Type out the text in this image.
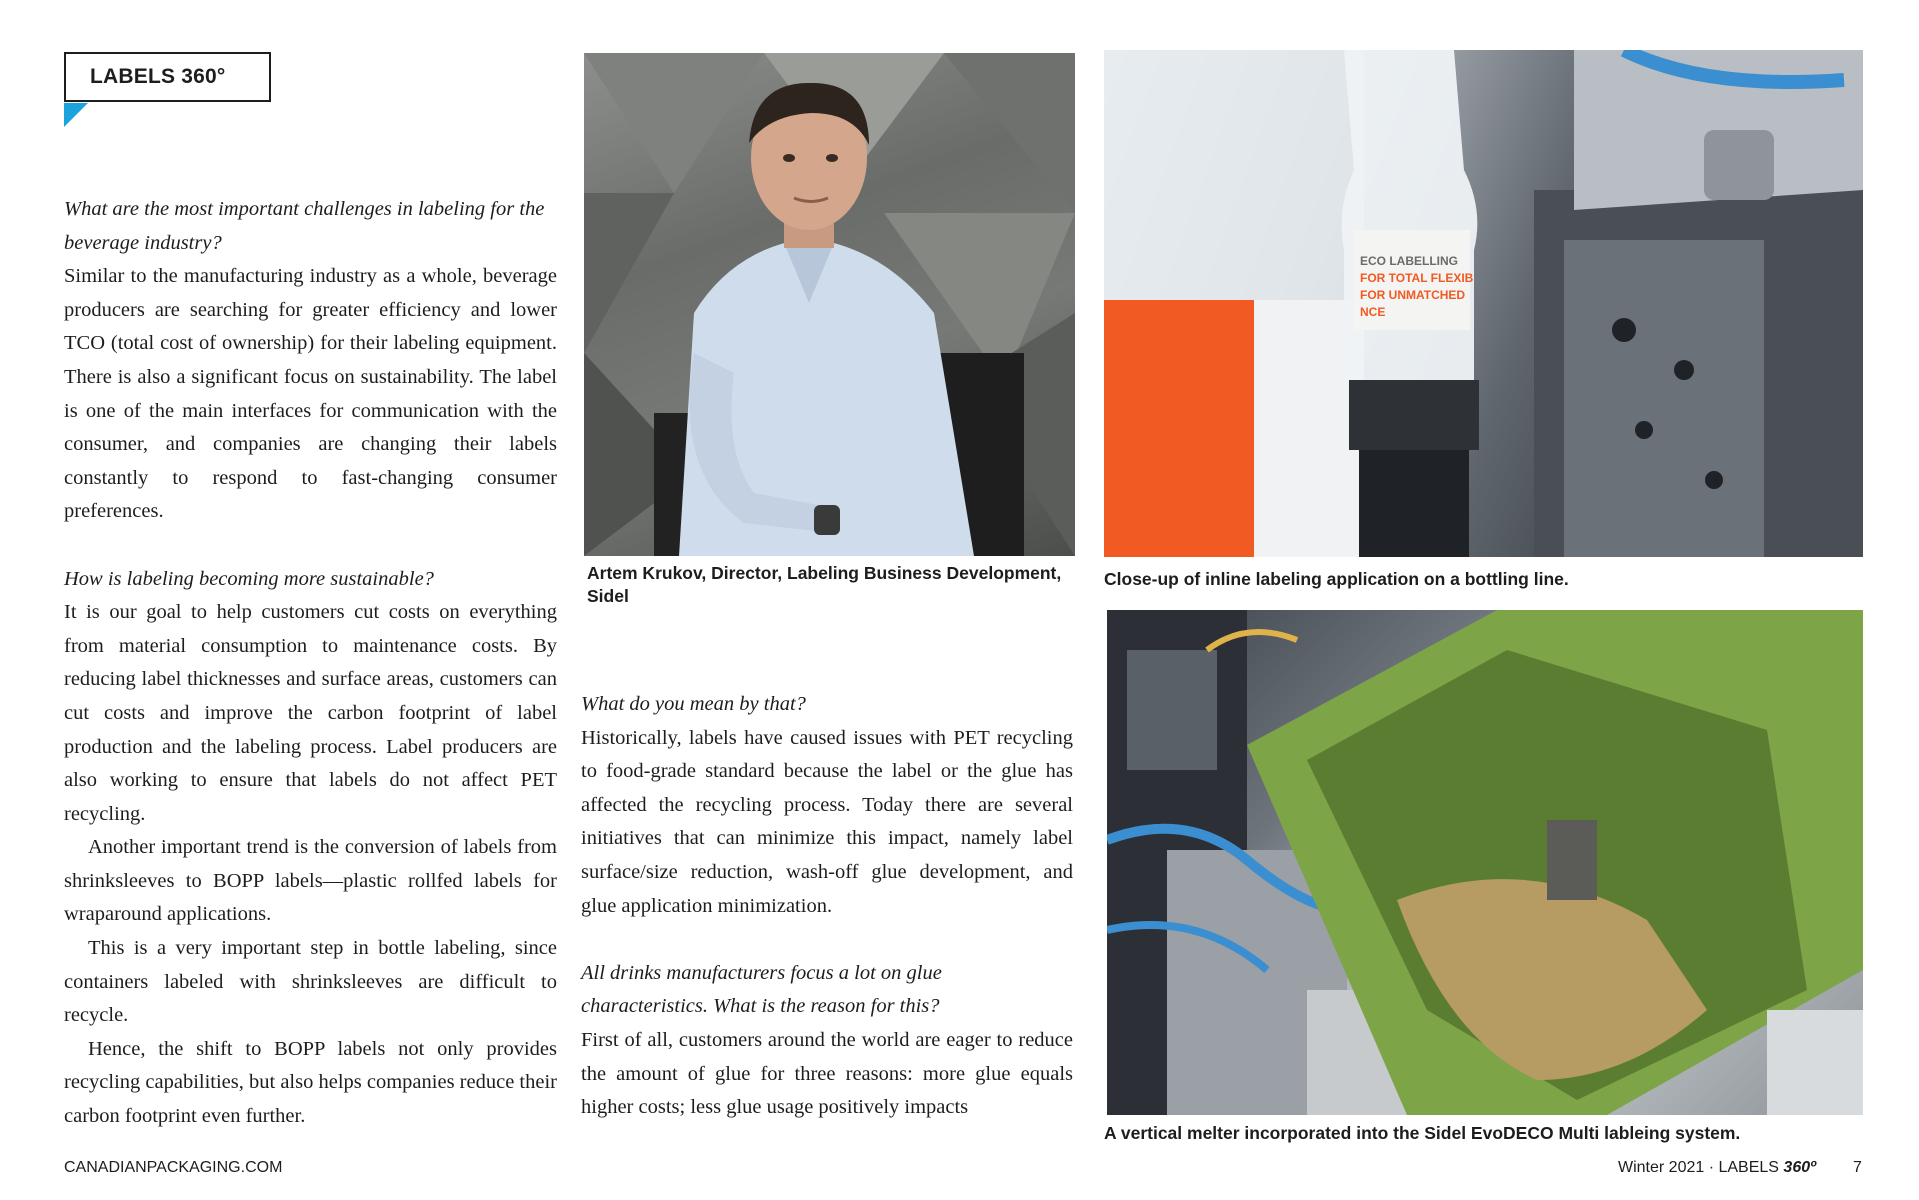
LABELS 360°

What are the most important challenges in labeling for the beverage industry?

Similar to the manufacturing industry as a whole, beverage producers are searching for greater efficiency and lower TCO (total cost of ownership) for their labeling equipment. There is also a significant focus on sustainability. The label is one of the main interfaces for communication with the consumer, and companies are changing their labels constantly to respond to fast-changing consumer preferences.

How is labeling becoming more sustainable?

It is our goal to help customers cut costs on everything from material consumption to maintenance costs. By reducing label thicknesses and surface areas, customers can cut costs and improve the carbon footprint of label production and the labeling process. Label producers are also working to ensure that labels do not affect PET recycling.

Another important trend is the conversion of labels from shrinksleeves to BOPP labels—plastic rollfed labels for wraparound applications.

This is a very important step in bottle labeling, since containers labeled with shrinksleeves are difficult to recycle.

Hence, the shift to BOPP labels not only provides recycling capabilities, but also helps companies reduce their carbon footprint even further.

Artem Krukov, Director, Labeling Business Development, Sidel

What do you mean by that?

Historically, labels have caused issues with PET recycling to food-grade standard because the label or the glue has affected the recycling process. Today there are several initiatives that can minimize this impact, namely label surface/size reduction, wash-off glue development, and glue application minimization.

All drinks manufacturers focus a lot on glue characteristics. What is the reason for this?

First of all, customers around the world are eager to reduce the amount of glue for three reasons: more glue equals higher costs; less glue usage positively impacts

ECO LABELLING
FOR TOTAL FLEXIB
FOR UNMATCHED
NCE
Close-up of inline labeling application on a bottling line.
A vertical melter incorporated into the Sidel EvoDECO Multi lableing system.
CANADIANPACKAGING.COM	Winter 2021 · LABELS 360º 7
